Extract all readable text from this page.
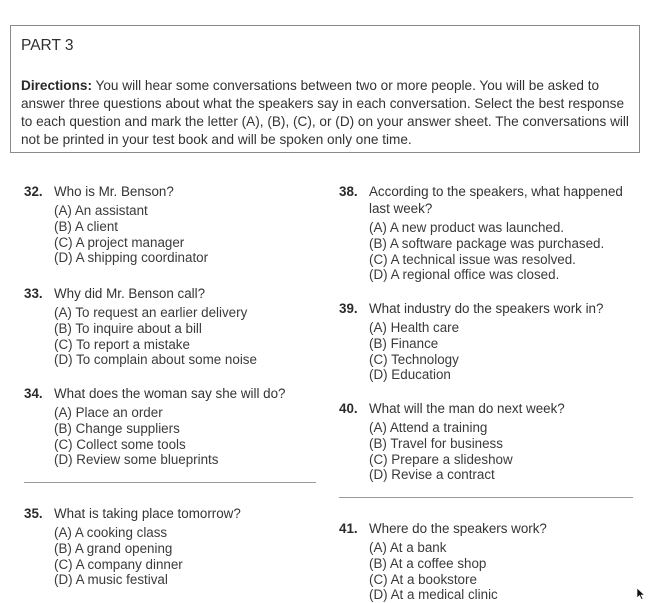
PART 3
Directions: You will hear some conversations between two or more people. You will be asked to answer three questions about what the speakers say in each conversation. Select the best response to each question and mark the letter (A), (B), (C), or (D) on your answer sheet. The conversations will not be printed in your test book and will be spoken only one time.
32. Who is Mr. Benson?
(A) An assistant
(B) A client
(C) A project manager
(D) A shipping coordinator
33. Why did Mr. Benson call?
(A) To request an earlier delivery
(B) To inquire about a bill
(C) To report a mistake
(D) To complain about some noise
34. What does the woman say she will do?
(A) Place an order
(B) Change suppliers
(C) Collect some tools
(D) Review some blueprints
35. What is taking place tomorrow?
(A) A cooking class
(B) A grand opening
(C) A company dinner
(D) A music festival
38. According to the speakers, what happened last week?
(A) A new product was launched.
(B) A software package was purchased.
(C) A technical issue was resolved.
(D) A regional office was closed.
39. What industry do the speakers work in?
(A) Health care
(B) Finance
(C) Technology
(D) Education
40. What will the man do next week?
(A) Attend a training
(B) Travel for business
(C) Prepare a slideshow
(D) Revise a contract
41. Where do the speakers work?
(A) At a bank
(B) At a coffee shop
(C) At a bookstore
(D) At a medical clinic
